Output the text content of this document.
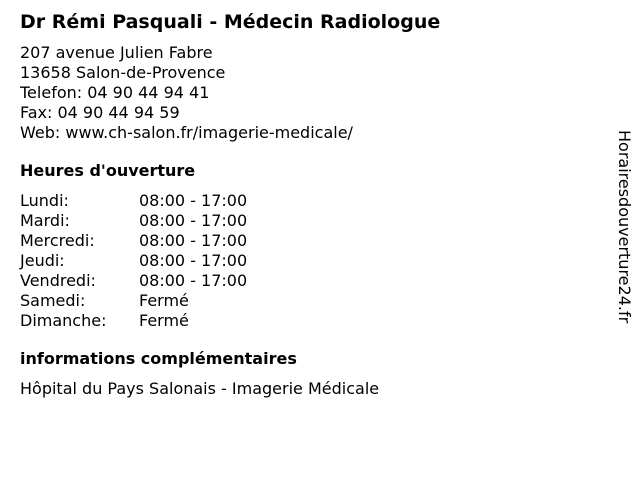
Dr Rémi Pasquali - Médecin Radiologue
207 avenue Julien Fabre
13658 Salon-de-Provence
Telefon: 04 90 44 94 41
Fax: 04 90 44 94 59
Web: www.ch-salon.fr/imagerie-medicale/
Heures d'ouverture
Lundi:	08:00 - 17:00
Mardi:	08:00 - 17:00
Mercredi:	08:00 - 17:00
Jeudi:	08:00 - 17:00
Vendredi:	08:00 - 17:00
Samedi:	Fermé
Dimanche:	Fermé
informations complémentaires
Hôpital du Pays Salonais - Imagerie Médicale
Horairesdouverture24.fr
